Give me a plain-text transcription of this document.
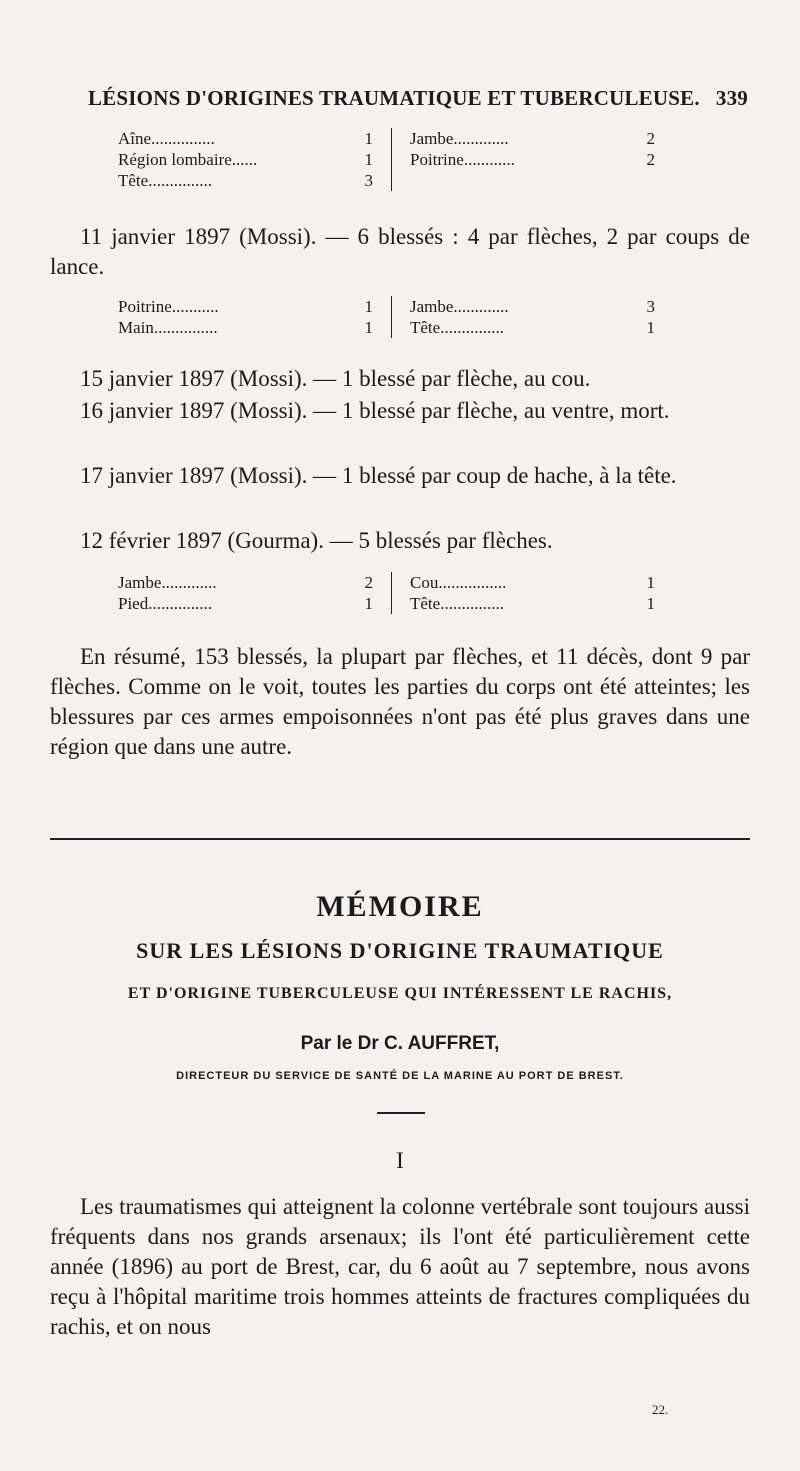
LÉSIONS D'ORIGINES TRAUMATIQUE ET TUBERCULEUSE. 339
Aîne...............	1
Région lombaire......	1
Tête...............	3
Jambe.............	2
Poitrine............	2
11 janvier 1897 (Mossi). — 6 blessés : 4 par flèches, 2 par coups de lance.
Poitrine...........	1
Main...............	1
Jambe.............	3
Tête...............	1
15 janvier 1897 (Mossi). — 1 blessé par flèche, au cou.
16 janvier 1897 (Mossi). — 1 blessé par flèche, au ventre, mort.
17 janvier 1897 (Mossi). — 1 blessé par coup de hache, à la tête.
12 février 1897 (Gourma). — 5 blessés par flèches.
Jambe.............	2
Pied...............	1
Cou................	1
Tête...............	1
En résumé, 153 blessés, la plupart par flèches, et 11 décès, dont 9 par flèches. Comme on le voit, toutes les parties du corps ont été atteintes; les blessures par ces armes empoisonnées n'ont pas été plus graves dans une région que dans une autre.
MÉMOIRE
SUR LES LÉSIONS D'ORIGINE TRAUMATIQUE
ET D'ORIGINE TUBERCULEUSE QUI INTÉRESSENT LE RACHIS,
Par le Dr C. AUFFRET,
DIRECTEUR DU SERVICE DE SANTÉ DE LA MARINE AU PORT DE BREST.
I
Les traumatismes qui atteignent la colonne vertébrale sont toujours aussi fréquents dans nos grands arsenaux; ils l'ont été particulièrement cette année (1896) au port de Brest, car, du 6 août au 7 septembre, nous avons reçu à l'hôpital maritime trois hommes atteints de fractures compliquées du rachis, et on nous
22.
